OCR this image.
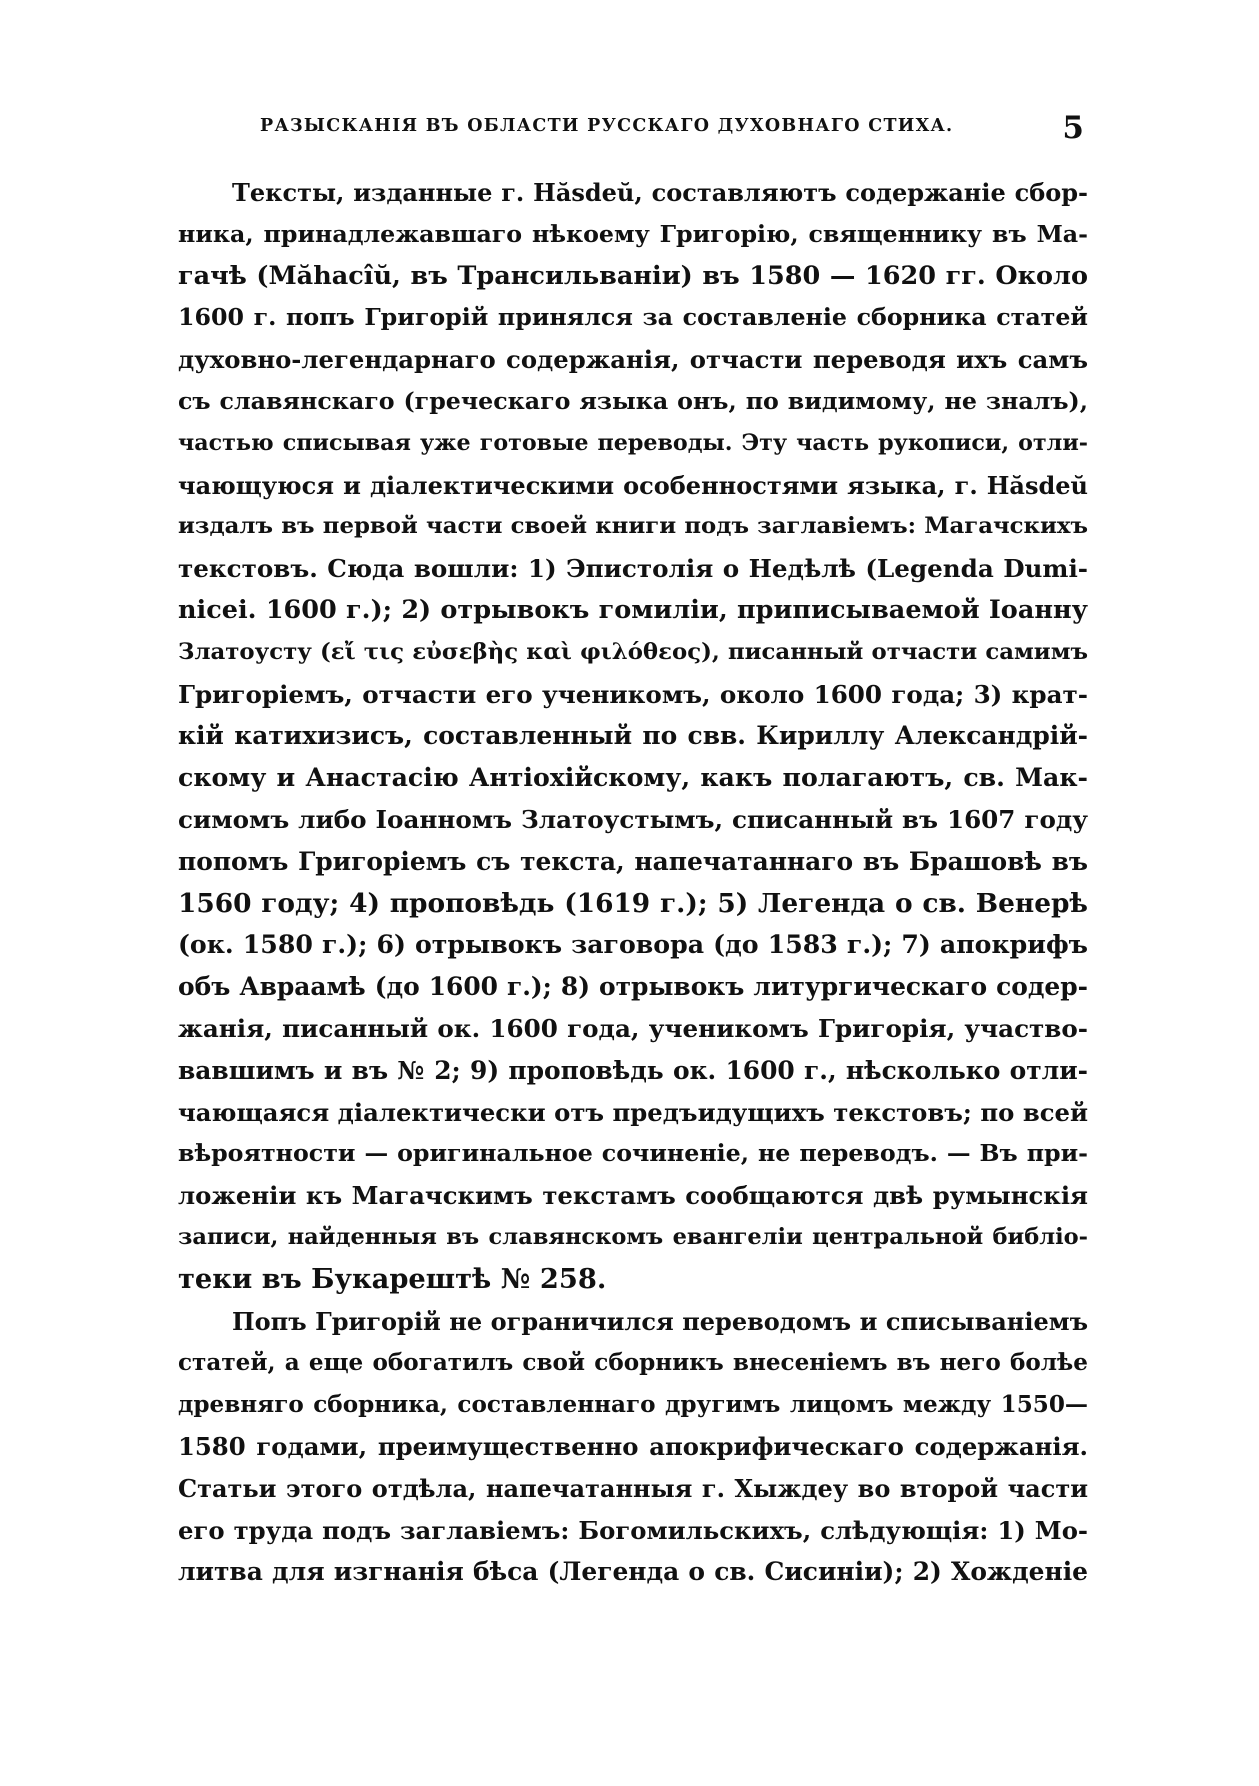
РАЗЫСКАНІЯ ВЪ ОБЛАСТИ РУССКАГО ДУХОВНАГО СТИХА.	5
Тексты, изданные г. Hăsdeŭ, составляютъ содержаніе сбор-
ника, принадлежавшаго нѣкоему Григорію, священнику въ Ма-
гачѣ (Măhacîŭ, въ Трансильваніи) въ 1580 — 1620 гг. Около
1600 г. попъ Григорій принялся за составленіе сборника статей
духовно-легендарнаго содержанія, отчасти переводя ихъ самъ
съ славянскаго (греческаго языка онъ, по видимому, не зналъ),
частью списывая уже готовые переводы. Эту часть рукописи, отли-
чающуюся и діалектическими особенностями языка, г. Hăsdeŭ
издалъ въ первой части своей книги подъ заглавіемъ: Магачскихъ
текстовъ. Сюда вошли: 1) Эпистолія о Недѣлѣ (Legenda Dumi-
nicei. 1600 г.); 2) отрывокъ гомиліи, приписываемой Іоанну
Златоусту (εἴ τις εὐσεβὴς καὶ φιλόθεος), писанный отчасти самимъ
Григоріемъ, отчасти его ученикомъ, около 1600 года; 3) крат-
кій катихизисъ, составленный по свв. Кириллу Александрій-
скому и Анастасію Антіохійскому, какъ полагаютъ, св. Мак-
симомъ либо Іоанномъ Златоустымъ, списанный въ 1607 году
попомъ Григоріемъ съ текста, напечатаннаго въ Брашовѣ въ
1560 году; 4) проповѣдь (1619 г.); 5) Легенда о св. Венерѣ
(ок. 1580 г.); 6) отрывокъ заговора (до 1583 г.); 7) апокрифъ
объ Авраамѣ (до 1600 г.); 8) отрывокъ литургическаго содер-
жанія, писанный ок. 1600 года, ученикомъ Григорія, участво-
вавшимъ и въ № 2; 9) проповѣдь ок. 1600 г., нѣсколько отли-
чающаяся діалектически отъ предъидущихъ текстовъ; по всей
вѣроятности — оригинальное сочиненіе, не переводъ. — Въ при-
ложеніи къ Магачскимъ текстамъ сообщаются двѣ румынскія
записи, найденныя въ славянскомъ евангеліи центральной библіо-
теки въ Букарештѣ № 258.
Попъ Григорій не ограничился переводомъ и списываніемъ
статей, а еще обогатилъ свой сборникъ внесеніемъ въ него болѣе
древняго сборника, составленнаго другимъ лицомъ между 1550—
1580 годами, преимущественно апокрифическаго содержанія.
Статьи этого отдѣла, напечатанныя г. Хыждеу во второй части
его труда подъ заглавіемъ: Богомильскихъ, слѣдующія: 1) Мо-
литва для изгнанія бѣса (Легенда о св. Сисиніи); 2) Хожденіе
